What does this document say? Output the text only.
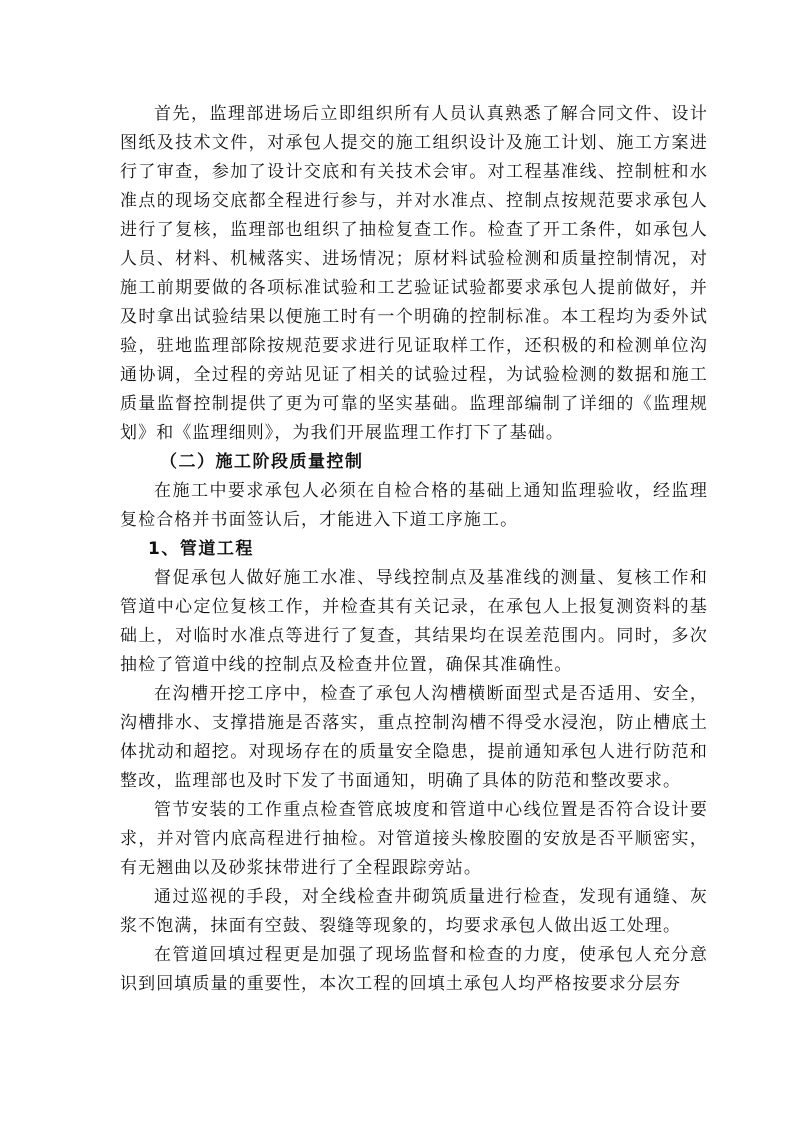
首先，监理部进场后立即组织所有人员认真熟悉了解合同文件、设计图纸及技术文件，对承包人提交的施工组织设计及施工计划、施工方案进行了审查，参加了设计交底和有关技术会审。对工程基准线、控制桩和水准点的现场交底都全程进行参与，并对水准点、控制点按规范要求承包人进行了复核，监理部也组织了抽检复查工作。检查了开工条件，如承包人人员、材料、机械落实、进场情况；原材料试验检测和质量控制情况，对施工前期要做的各项标准试验和工艺验证试验都要求承包人提前做好，并及时拿出试验结果以便施工时有一个明确的控制标准。本工程均为委外试验，驻地监理部除按规范要求进行见证取样工作，还积极的和检测单位沟通协调，全过程的旁站见证了相关的试验过程，为试验检测的数据和施工质量监督控制提供了更为可靠的坚实基础。监理部编制了详细的《监理规划》和《监理细则》，为我们开展监理工作打下了基础。

（二）施工阶段质量控制

在施工中要求承包人必须在自检合格的基础上通知监理验收，经监理复检合格并书面签认后，才能进入下道工序施工。

1、管道工程

督促承包人做好施工水准、导线控制点及基准线的测量、复核工作和管道中心定位复核工作，并检查其有关记录，在承包人上报复测资料的基础上，对临时水准点等进行了复查，其结果均在误差范围内。同时，多次抽检了管道中线的控制点及检查井位置，确保其准确性。

在沟槽开挖工序中，检查了承包人沟槽横断面型式是否适用、安全，沟槽排水、支撑措施是否落实，重点控制沟槽不得受水浸泡，防止槽底土体扰动和超挖。对现场存在的质量安全隐患，提前通知承包人进行防范和整改，监理部也及时下发了书面通知，明确了具体的防范和整改要求。

管节安装的工作重点检查管底坡度和管道中心线位置是否符合设计要求，并对管内底高程进行抽检。对管道接头橡胶圈的安放是否平顺密实，有无翘曲以及砂浆抹带进行了全程跟踪旁站。

通过巡视的手段，对全线检查井砌筑质量进行检查，发现有通缝、灰浆不饱满，抹面有空鼓、裂缝等现象的，均要求承包人做出返工处理。

在管道回填过程更是加强了现场监督和检查的力度，使承包人充分意识到回填质量的重要性，本次工程的回填土承包人均严格按要求分层夯
